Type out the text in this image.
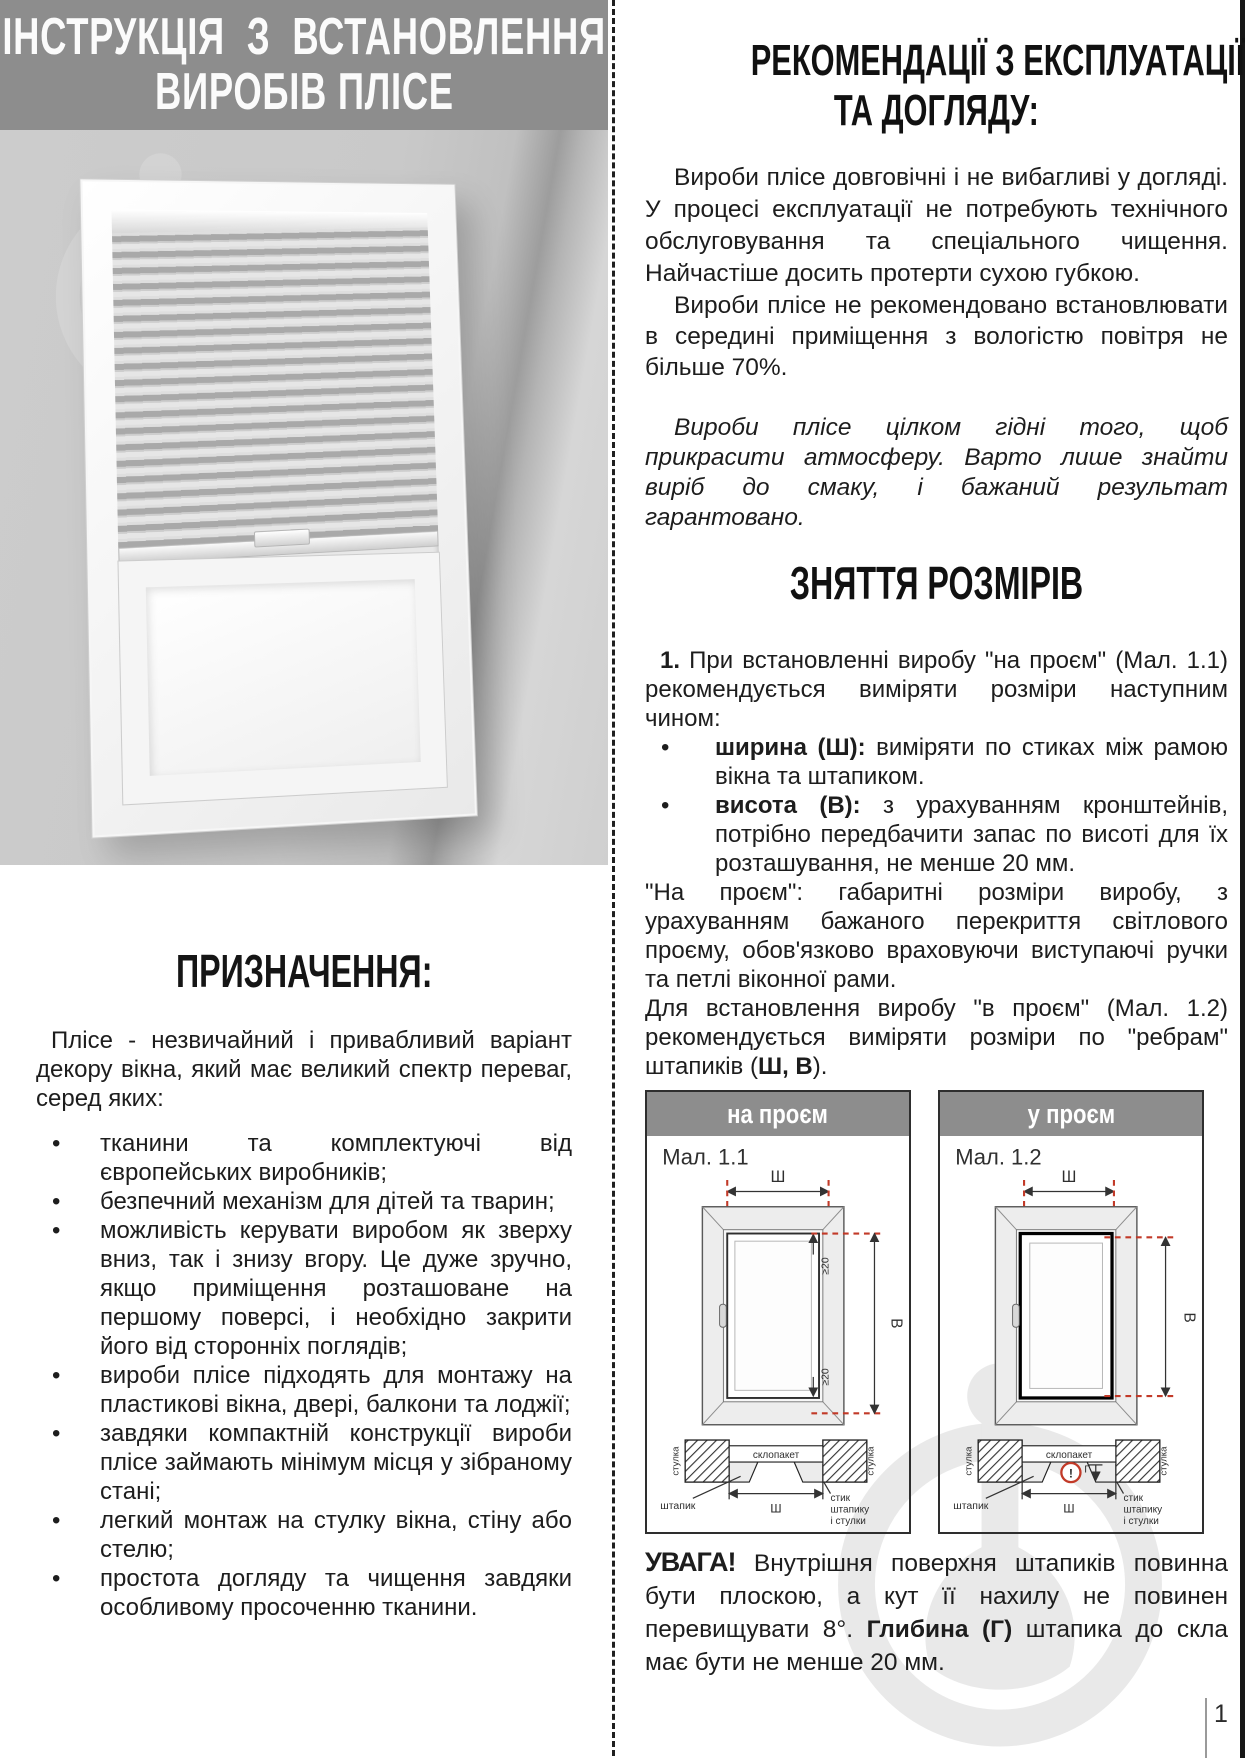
ІНСТРУКЦІЯ З ВСТАНОВЛЕННЯ
ВИРОБІВ ПЛІСЕ
ПРИЗНАЧЕННЯ:

Плісе - незвичайний і привабливий варіант декору вікна, який має великий спектр переваг, серед яких:

• тканини та комплектуючі від європейських виробників;
• безпечний механізм для дітей та тварин;
• можливість керувати виробом як зверху вниз, так і знизу вгору. Це дуже зручно, якщо приміщення розташоване на першому поверсі, і необхідно закрити його від сторонніх поглядів;
• вироби плісе підходять для монтажу на пластикові вікна, двері, балкони та лоджії;
• завдяки компактній конструкції вироби плісе займають мінімум місця у зібраному стані;
• легкий монтаж на стулку вікна, стіну або стелю;
• простота догляду та чищення завдяки особливому просоченню тканини.
РЕКОМЕНДАЦІЇ З ЕКСПЛУАТАЦІЇ
ТА ДОГЛЯДУ:

Вироби плісе довговічні і не вибагливі у догляді. У процесі експлуатації не потребують технічного обслуговування та спеціального чищення. Найчастіше досить протерти сухою губкою.

Вироби плісе не рекомендовано встановлювати в середині приміщення з вологістю повітря не більше 70%.

Вироби плісе цілком гідні того, щоб прикрасити атмосферу. Варто лише знайти виріб до смаку, і бажаний результат гарантовано.

ЗНЯТТЯ РОЗМІРІВ

1. При встановленні виробу "на проєм" (Мал. 1.1) рекомендується виміряти розміри наступним чином:

• ширина (Ш): виміряти по стиках між рамою вікна та штапиком.
• висота (В): з урахуванням кронштейнів, потрібно передбачити запас по висоті для їх розташування, не менше 20 мм.

"На проєм": габаритні розміри виробу, з урахуванням бажаного перекриття світлового проєму, обов'язково враховуючи виступаючі ручки та петлі віконної рами.

Для встановлення виробу "в проєм" (Мал. 1.2) рекомендується виміряти розміри по "ребрам" штапиків (Ш, В).

на проєм
Мал. 1.1
Ш
≥20
≥20
В
склопакет
Ш
стулка	стулка
штапик
стик
штапику
і стулки
у проєм
Мал. 1.2
Ш
В
склопакет
! Г
Ш
стулка	стулка
штапик
стик
штапику
і стулки

УВАГА! Внутрішня поверхня штапиків повинна бути плоскою, а кут її нахилу не повинен перевищувати 8°. Глибина (Г) штапика до скла має бути не менше 20 мм.

1
